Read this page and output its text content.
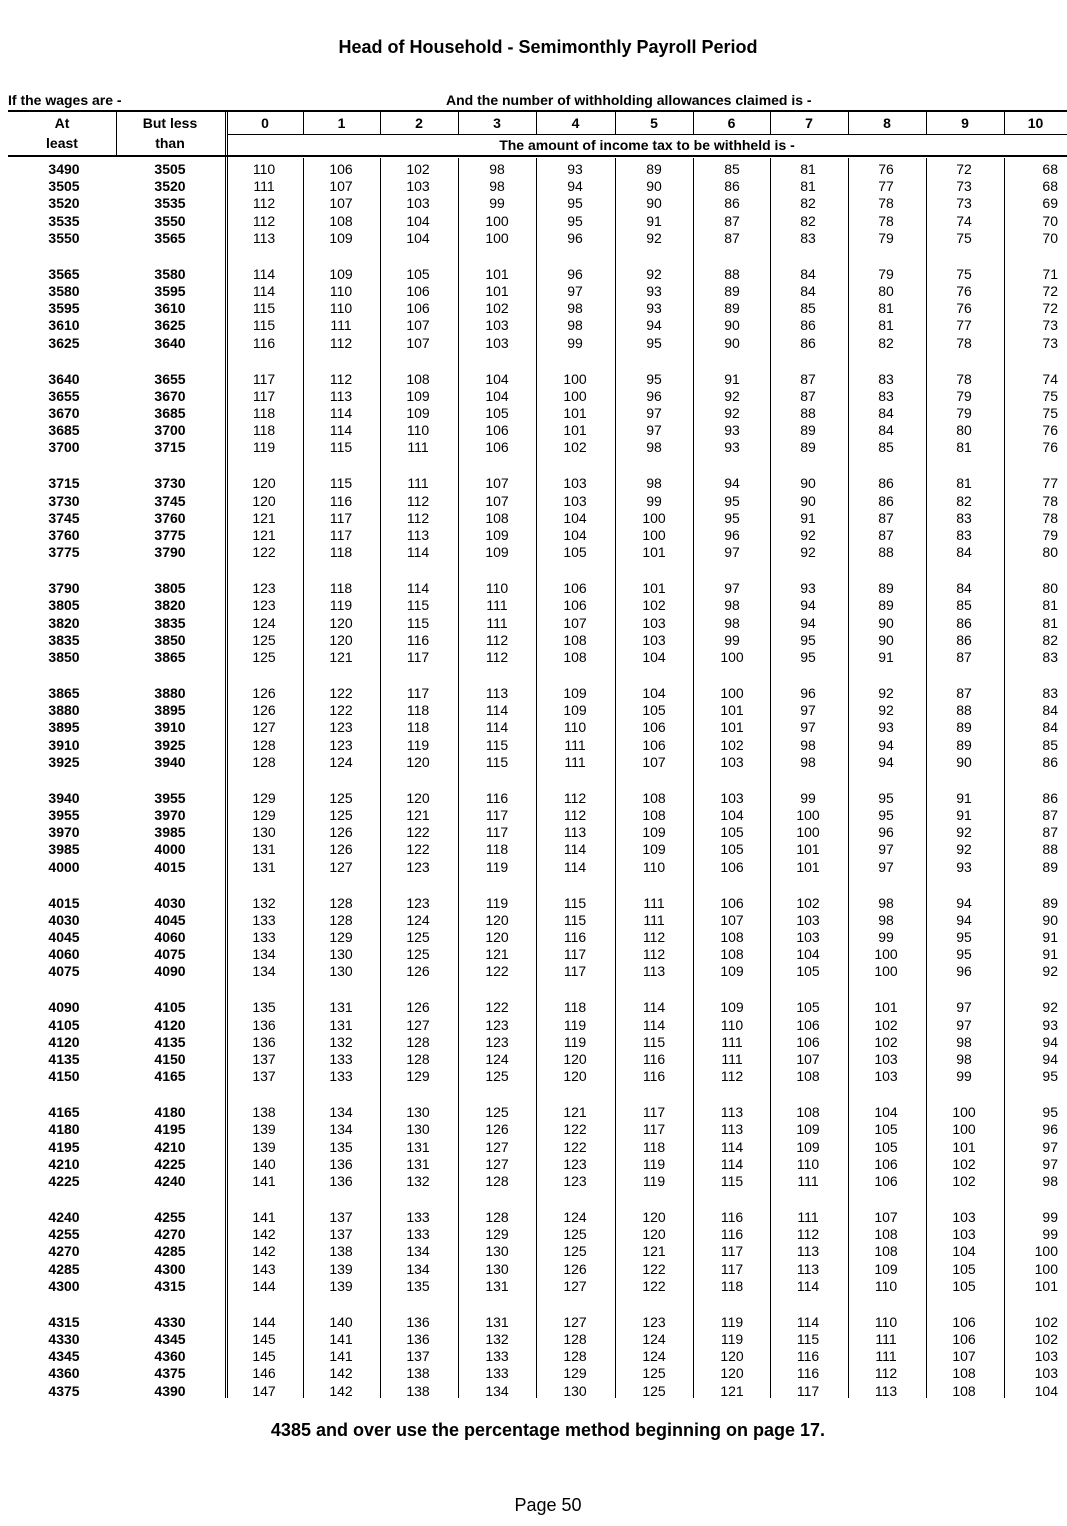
Head of Household - Semimonthly Payroll Period
If the wages are -	And the number of withholding allowances claimed is -
At
least
But less
than
0	1	2	3	4	5	6	7	8	9	10
The amount of income tax to be withheld is -
3490	3505	110	106	102	98	93	89	85	81	76	72	68
3505	3520	111	107	103	98	94	90	86	81	77	73	68
3520	3535	112	107	103	99	95	90	86	82	78	73	69
3535	3550	112	108	104	100	95	91	87	82	78	74	70
3550	3565	113	109	104	100	96	92	87	83	79	75	70
3565	3580	114	109	105	101	96	92	88	84	79	75	71
3580	3595	114	110	106	101	97	93	89	84	80	76	72
3595	3610	115	110	106	102	98	93	89	85	81	76	72
3610	3625	115	111	107	103	98	94	90	86	81	77	73
3625	3640	116	112	107	103	99	95	90	86	82	78	73
3640	3655	117	112	108	104	100	95	91	87	83	78	74
3655	3670	117	113	109	104	100	96	92	87	83	79	75
3670	3685	118	114	109	105	101	97	92	88	84	79	75
3685	3700	118	114	110	106	101	97	93	89	84	80	76
3700	3715	119	115	111	106	102	98	93	89	85	81	76
3715	3730	120	115	111	107	103	98	94	90	86	81	77
3730	3745	120	116	112	107	103	99	95	90	86	82	78
3745	3760	121	117	112	108	104	100	95	91	87	83	78
3760	3775	121	117	113	109	104	100	96	92	87	83	79
3775	3790	122	118	114	109	105	101	97	92	88	84	80
3790	3805	123	118	114	110	106	101	97	93	89	84	80
3805	3820	123	119	115	111	106	102	98	94	89	85	81
3820	3835	124	120	115	111	107	103	98	94	90	86	81
3835	3850	125	120	116	112	108	103	99	95	90	86	82
3850	3865	125	121	117	112	108	104	100	95	91	87	83
3865	3880	126	122	117	113	109	104	100	96	92	87	83
3880	3895	126	122	118	114	109	105	101	97	92	88	84
3895	3910	127	123	118	114	110	106	101	97	93	89	84
3910	3925	128	123	119	115	111	106	102	98	94	89	85
3925	3940	128	124	120	115	111	107	103	98	94	90	86
3940	3955	129	125	120	116	112	108	103	99	95	91	86
3955	3970	129	125	121	117	112	108	104	100	95	91	87
3970	3985	130	126	122	117	113	109	105	100	96	92	87
3985	4000	131	126	122	118	114	109	105	101	97	92	88
4000	4015	131	127	123	119	114	110	106	101	97	93	89
4015	4030	132	128	123	119	115	111	106	102	98	94	89
4030	4045	133	128	124	120	115	111	107	103	98	94	90
4045	4060	133	129	125	120	116	112	108	103	99	95	91
4060	4075	134	130	125	121	117	112	108	104	100	95	91
4075	4090	134	130	126	122	117	113	109	105	100	96	92
4090	4105	135	131	126	122	118	114	109	105	101	97	92
4105	4120	136	131	127	123	119	114	110	106	102	97	93
4120	4135	136	132	128	123	119	115	111	106	102	98	94
4135	4150	137	133	128	124	120	116	111	107	103	98	94
4150	4165	137	133	129	125	120	116	112	108	103	99	95
4165	4180	138	134	130	125	121	117	113	108	104	100	95
4180	4195	139	134	130	126	122	117	113	109	105	100	96
4195	4210	139	135	131	127	122	118	114	109	105	101	97
4210	4225	140	136	131	127	123	119	114	110	106	102	97
4225	4240	141	136	132	128	123	119	115	111	106	102	98
4240	4255	141	137	133	128	124	120	116	111	107	103	99
4255	4270	142	137	133	129	125	120	116	112	108	103	99
4270	4285	142	138	134	130	125	121	117	113	108	104	100
4285	4300	143	139	134	130	126	122	117	113	109	105	100
4300	4315	144	139	135	131	127	122	118	114	110	105	101
4315	4330	144	140	136	131	127	123	119	114	110	106	102
4330	4345	145	141	136	132	128	124	119	115	111	106	102
4345	4360	145	141	137	133	128	124	120	116	111	107	103
4360	4375	146	142	138	133	129	125	120	116	112	108	103
4375	4390	147	142	138	134	130	125	121	117	113	108	104
4385 and over use the percentage method beginning on page 17.
Page 50
